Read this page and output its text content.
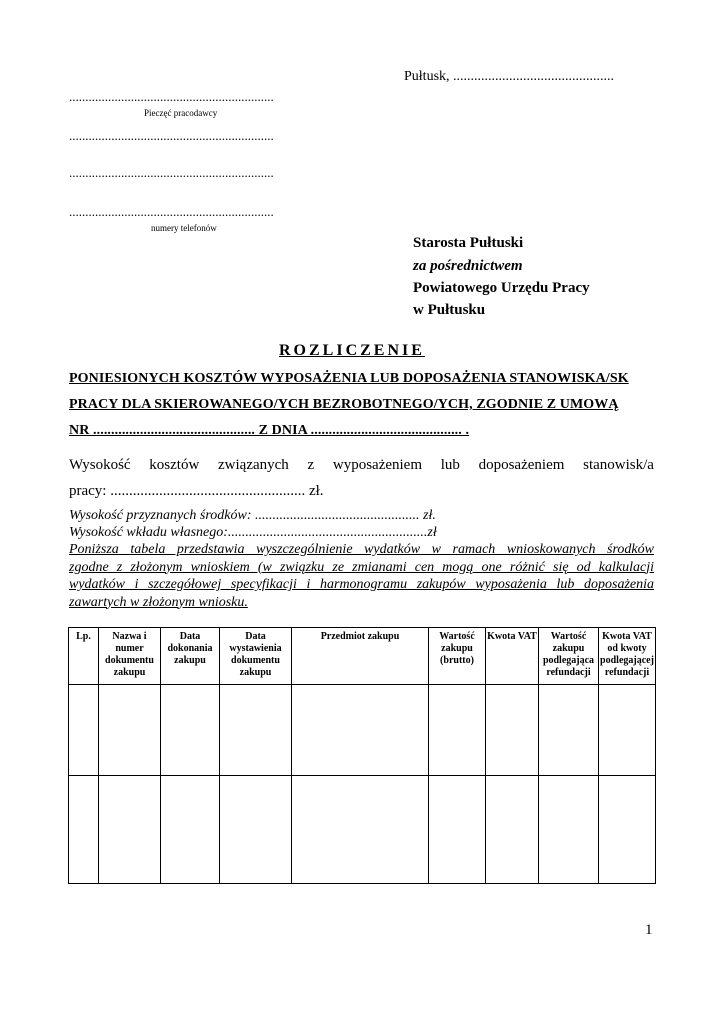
Pułtusk, ..............................................
...............................................................
Pieczęć pracodawcy
...............................................................
...............................................................
...............................................................
numery telefonów
Starosta Pułtuski
za pośrednictwem
Powiatowego Urzędu Pracy
w Pułtusku
ROZLICZENIE
PONIESIONYCH KOSZTÓW WYPOSAŻENIA LUB DOPOSAŻENIA STANOWISKA/SK
PRACY DLA SKIEROWANEGO/YCH BEZROBOTNEGO/YCH, ZGODNIE Z UMOWĄ
NR ............................................. Z DNIA .......................................... .
Wysokość kosztów związanych z wyposażeniem lub doposażeniem stanowisk/a
pracy: .................................................... zł.
Wysokość przyznanych środków: ............................................... zł.
Wysokość wkładu własnego:.........................................................zł
Poniższa tabela przedstawia wyszczególnienie wydatków w ramach wnioskowanych środków
zgodne z złożonym wnioskiem (w związku ze zmianami cen mogą one różnić się od kalkulacji
wydatków i szczegółowej specyfikacji i harmonogramu zakupów wyposażenia lub doposażenia
zawartych w złożonym wniosku.
Lp.	Nazwa i numer dokumentu zakupu	Data dokonania zakupu	Data wystawienia dokumentu zakupu	Przedmiot zakupu	Wartość zakupu (brutto)	Kwota VAT	Wartość zakupu podlegająca refundacji	Kwota VAT od kwoty podlegającej refundacji

1
